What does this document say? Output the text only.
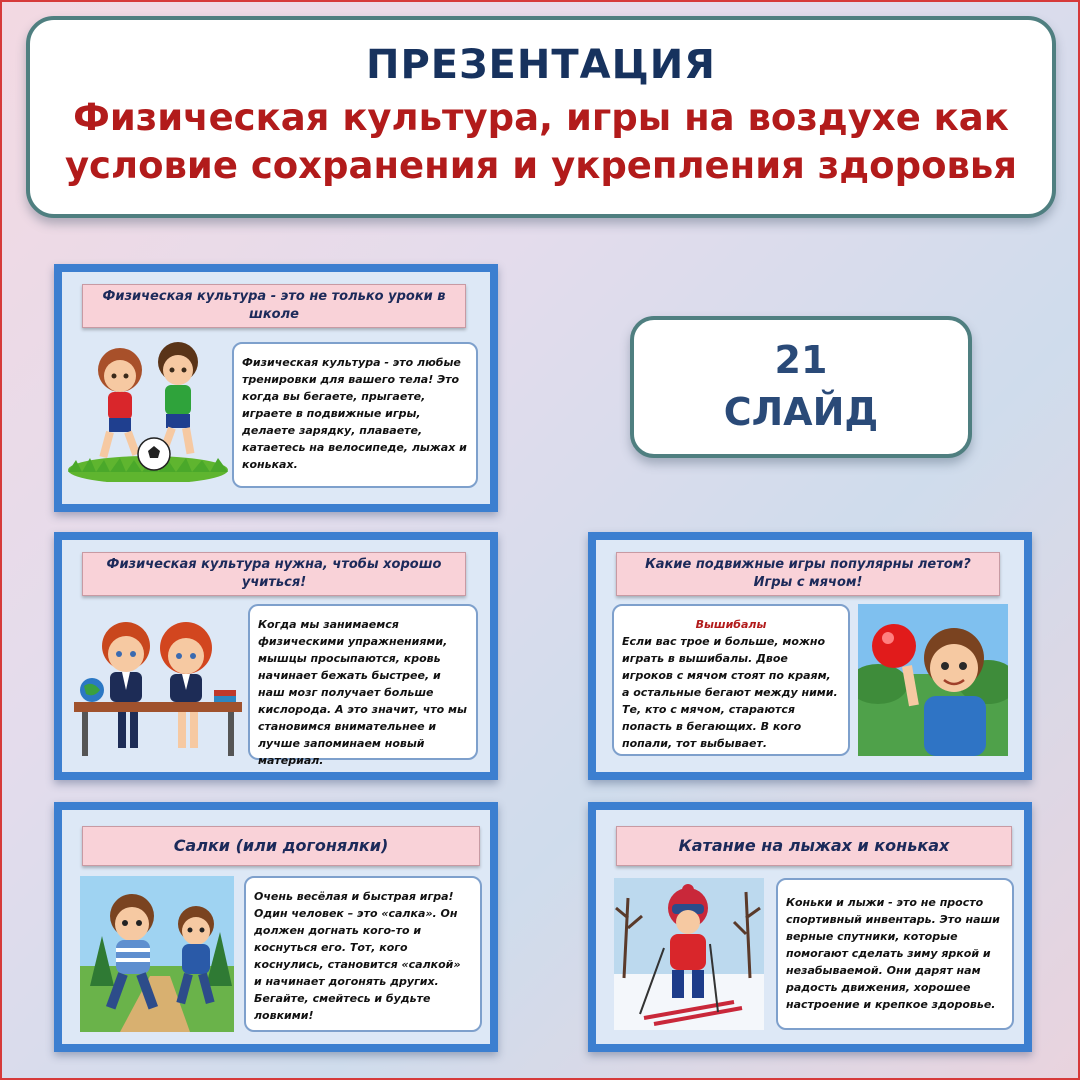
ПРЕЗЕНТАЦИЯ
Физическая культура, игры на воздухе как условие сохранения и укрепления здоровья
21
СЛАЙД
Физическая культура - это не только уроки в школе
Физическая культура - это любые тренировки для вашего тела! Это когда вы бегаете, прыгаете, играете в подвижные игры, делаете зарядку, плаваете, катаетесь на велосипеде, лыжах и коньках.
Физическая культура нужна, чтобы хорошо учиться!
Когда мы занимаемся физическими упражнениями, мышцы просыпаются, кровь начинает бежать быстрее, и наш мозг получает больше кислорода. А это значит, что мы становимся внимательнее и лучше запоминаем новый материал.
Какие подвижные игры популярны летом? Игры с мячом!
Вышибалы
Если вас трое и больше, можно играть в вышибалы. Двое игроков с мячом стоят по краям, а остальные бегают между ними. Те, кто с мячом, стараются попасть в бегающих. В кого попали, тот выбывает.
Салки (или догонялки)
Очень весёлая и быстрая игра! Один человек – это «салка». Он должен догнать кого-то и коснуться его. Тот, кого коснулись, становится «салкой» и начинает догонять других. Бегайте, смейтесь и будьте ловкими!
Катание на лыжах и коньках
Коньки и лыжи - это не просто спортивный инвентарь. Это наши верные спутники, которые помогают сделать зиму яркой и незабываемой. Они дарят нам радость движения, хорошее настроение и крепкое здоровье.
